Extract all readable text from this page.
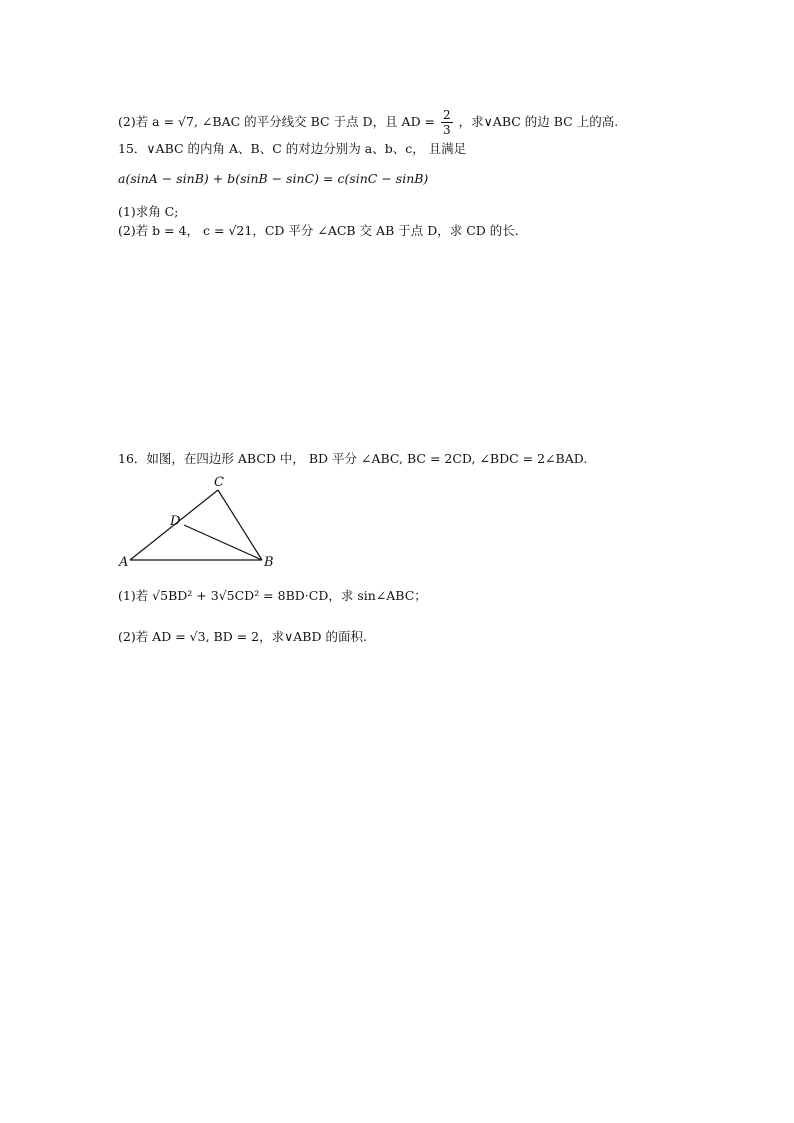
(2)若 a = √7, ∠BAC 的平分线交 BC 于点 D，且 AD = $\frac{2}{3}$ ，求∨ABC 的边 BC 上的高.
15．∨ABC 的内角 A、B、C 的对边分别为 a、b、c， 且满足
a(sinA − sinB) + b(sinB − sinC) = c(sinC − sinB)
(1)求角 C;
(2)若 b = 4， c = √21，CD 平分 ∠ACB 交 AB 于点 D，求 CD 的长.
16．如图，在四边形 ABCD 中， BD 平分 ∠ABC, BC = 2CD, ∠BDC = 2∠BAD.
C
D
A	B
(1)若 √5BD² + 3√5CD² = 8BD·CD，求 sin∠ABC；
(2)若 AD = √3, BD = 2，求∨ABD 的面积.
